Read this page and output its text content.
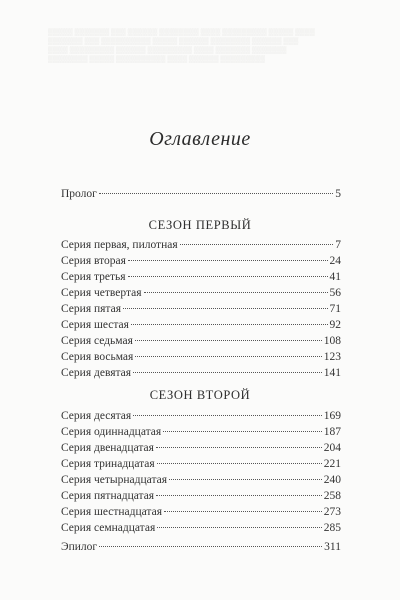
▒▒▒▒▒ ▒▒▒▒▒▒▒ ▒▒▒ ▒▒▒▒▒▒ ▒▒▒▒▒▒▒▒ ▒▒▒▒ ▒▒▒▒▒▒▒▒▒ ▒▒▒▒▒ ▒▒▒▒
▒▒▒▒▒▒▒ ▒▒▒ ▒▒▒▒▒▒▒▒▒▒ ▒▒▒▒▒ ▒▒▒▒▒▒ ▒▒▒▒▒▒▒▒ ▒▒▒▒▒▒ ▒▒▒
▒▒▒▒ ▒▒▒▒▒▒▒▒▒ ▒▒▒▒▒▒ ▒▒▒▒▒▒▒▒▒ ▒▒▒▒ ▒▒▒▒▒▒▒ ▒▒▒▒▒▒▒
▒▒▒▒▒▒▒▒ ▒▒▒▒▒ ▒▒▒▒▒▒▒▒▒▒ ▒▒▒▒ ▒▒▒▒▒▒ ▒▒▒▒▒▒▒▒▒
Оглавление
Пролог	5
СЕЗОН ПЕРВЫЙ
Серия первая, пилотная	7
Серия вторая	24
Серия третья	41
Серия четвертая	56
Серия пятая	71
Серия шестая	92
Серия седьмая	108
Серия восьмая	123
Серия девятая	141
СЕЗОН ВТОРОЙ
Серия десятая	169
Серия одиннадцатая	187
Серия двенадцатая	204
Серия тринадцатая	221
Серия четырнадцатая	240
Серия пятнадцатая	258
Серия шестнадцатая	273
Серия семнадцатая	285
Эпилог	311
